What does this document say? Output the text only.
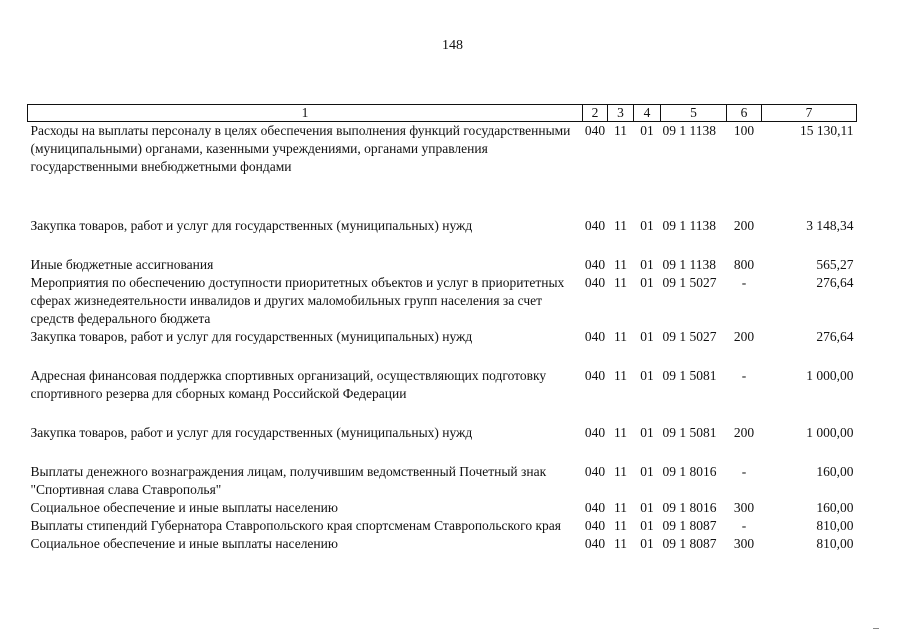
148
1	2	3	4	5	6	7
Расходы на выплаты персоналу в целях обеспечения выполнения функций государственными (муниципальными) органами, казенными учреждениями, органами управления государственными внебюджетными фондами	040	11	01	09 1 1138	100	15 130,11

Закупка товаров, работ и услуг для государственных (муниципальных) нужд	040	11	01	09 1 1138	200	3 148,34

Иные бюджетные ассигнования	040	11	01	09 1 1138	800	565,27
Мероприятия по обеспечению доступности приоритетных объектов и услуг в приоритетных сферах жизнедеятельности инвалидов и других маломобильных групп населения за счет средств федерального бюджета	040	11	01	09 1 5027	-	276,64
Закупка товаров, работ и услуг для государственных (муниципальных) нужд	040	11	01	09 1 5027	200	276,64

Адресная финансовая поддержка спортивных организаций, осуществляющих подготовку спортивного резерва для сборных команд Российской Федерации	040	11	01	09 1 5081	-	1 000,00

Закупка товаров, работ и услуг для государственных (муниципальных) нужд	040	11	01	09 1 5081	200	1 000,00

Выплаты денежного вознаграждения лицам, получившим ведомственный Почетный знак "Спортивная слава Ставрополья"	040	11	01	09 1 8016	-	160,00
Социальное обеспечение и иные выплаты населению	040	11	01	09 1 8016	300	160,00
Выплаты стипендий Губернатора Ставропольского края спортсменам Ставропольского края	040	11	01	09 1 8087	-	810,00
Социальное обеспечение и иные выплаты населению	040	11	01	09 1 8087	300	810,00
